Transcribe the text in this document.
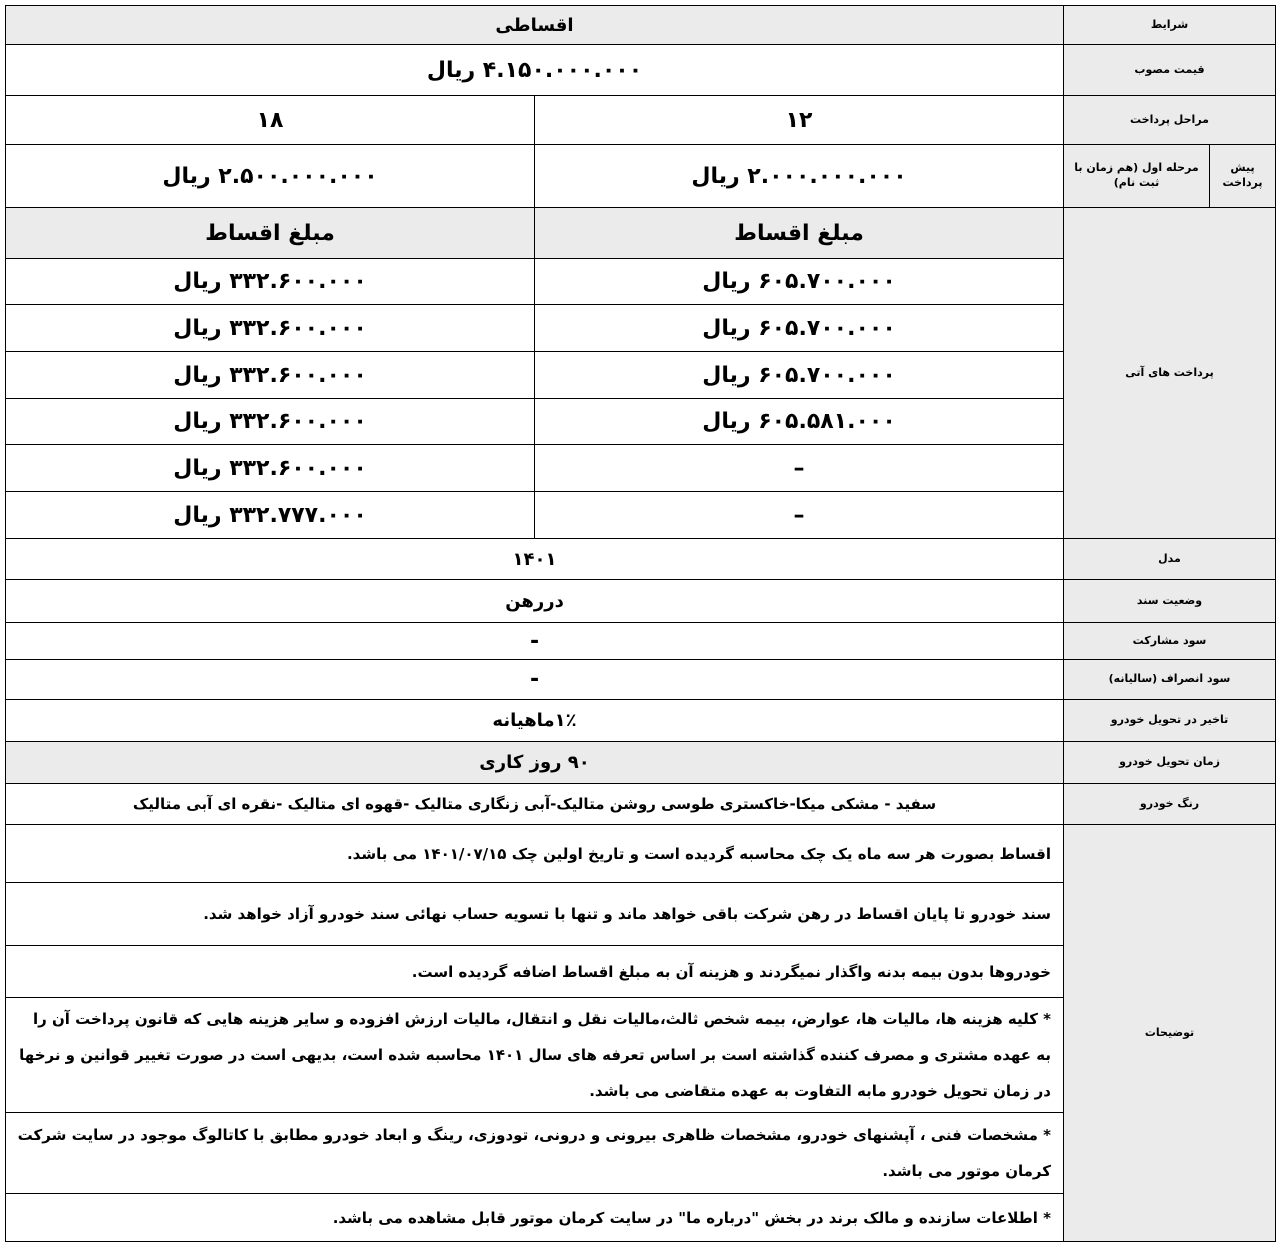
اقساطی	شرایط
۴.۱۵۰.۰۰۰.۰۰۰ ریال	قیمت مصوب
۱۸	۱۲	مراحل پرداخت
۲.۵۰۰.۰۰۰.۰۰۰ ریال	۲.۰۰۰.۰۰۰.۰۰۰ ریال	مرحله اول (هم زمان با ثبت نام)
پیش پرداخت
مبلغ اقساط	مبلغ اقساط
پرداخت های آتی
۳۳۲.۶۰۰.۰۰۰ ریال	۶۰۵.۷۰۰.۰۰۰ ریال
۳۳۲.۶۰۰.۰۰۰ ریال	۶۰۵.۷۰۰.۰۰۰ ریال
۳۳۲.۶۰۰.۰۰۰ ریال	۶۰۵.۷۰۰.۰۰۰ ریال
۳۳۲.۶۰۰.۰۰۰ ریال	۶۰۵.۵۸۱.۰۰۰ ریال
۳۳۲.۶۰۰.۰۰۰ ریال	–
۳۳۲.۷۷۷.۰۰۰ ریال	–
۱۴۰۱	مدل
دررهن	وضعیت سند
-	سود مشارکت
-	سود انصراف (سالیانه)
۱٪ماهیانه	تاخیر در تحویل خودرو
۹۰ روز کاری	زمان تحویل خودرو
سفید - مشکی میکا-خاکستری طوسی روشن متالیک-آبی زنگاری متالیک -قهوه ای متالیک -نقره ای آبی متالیک	رنگ خودرو
توضیحات
اقساط بصورت هر سه ماه یک چک محاسبه گردیده است و تاریخ اولین چک ۱۴۰۱/۰۷/۱۵ می باشد.
سند خودرو تا پایان اقساط در رهن شرکت باقی خواهد ماند و تنها با تسویه حساب نهائی سند خودرو آزاد خواهد شد.
خودروها بدون بیمه بدنه واگذار نمیگردند و هزینه آن به مبلغ اقساط اضافه گردیده است.
* کلیه هزینه ها، مالیات ها، عوارض، بیمه شخص ثالث،مالیات نقل و انتقال، مالیات ارزش افزوده و سایر هزینه هایی که قانون پرداخت آن را به عهده مشتری و مصرف کننده گذاشته است بر اساس تعرفه های سال ۱۴۰۱ محاسبه شده است، بدیهی است در صورت تغییر قوانین و نرخها در زمان تحویل خودرو مابه التفاوت به عهده متقاضی می باشد.
* مشخصات فنی ، آپشنهای خودرو، مشخصات ظاهری بیرونی و درونی، تودوزی، رینگ و ابعاد خودرو مطابق با کاتالوگ موجود در سایت شرکت کرمان موتور می باشد.
* اطلاعات سازنده و مالک برند در بخش "درباره ما" در سایت کرمان موتور قابل مشاهده می باشد.
